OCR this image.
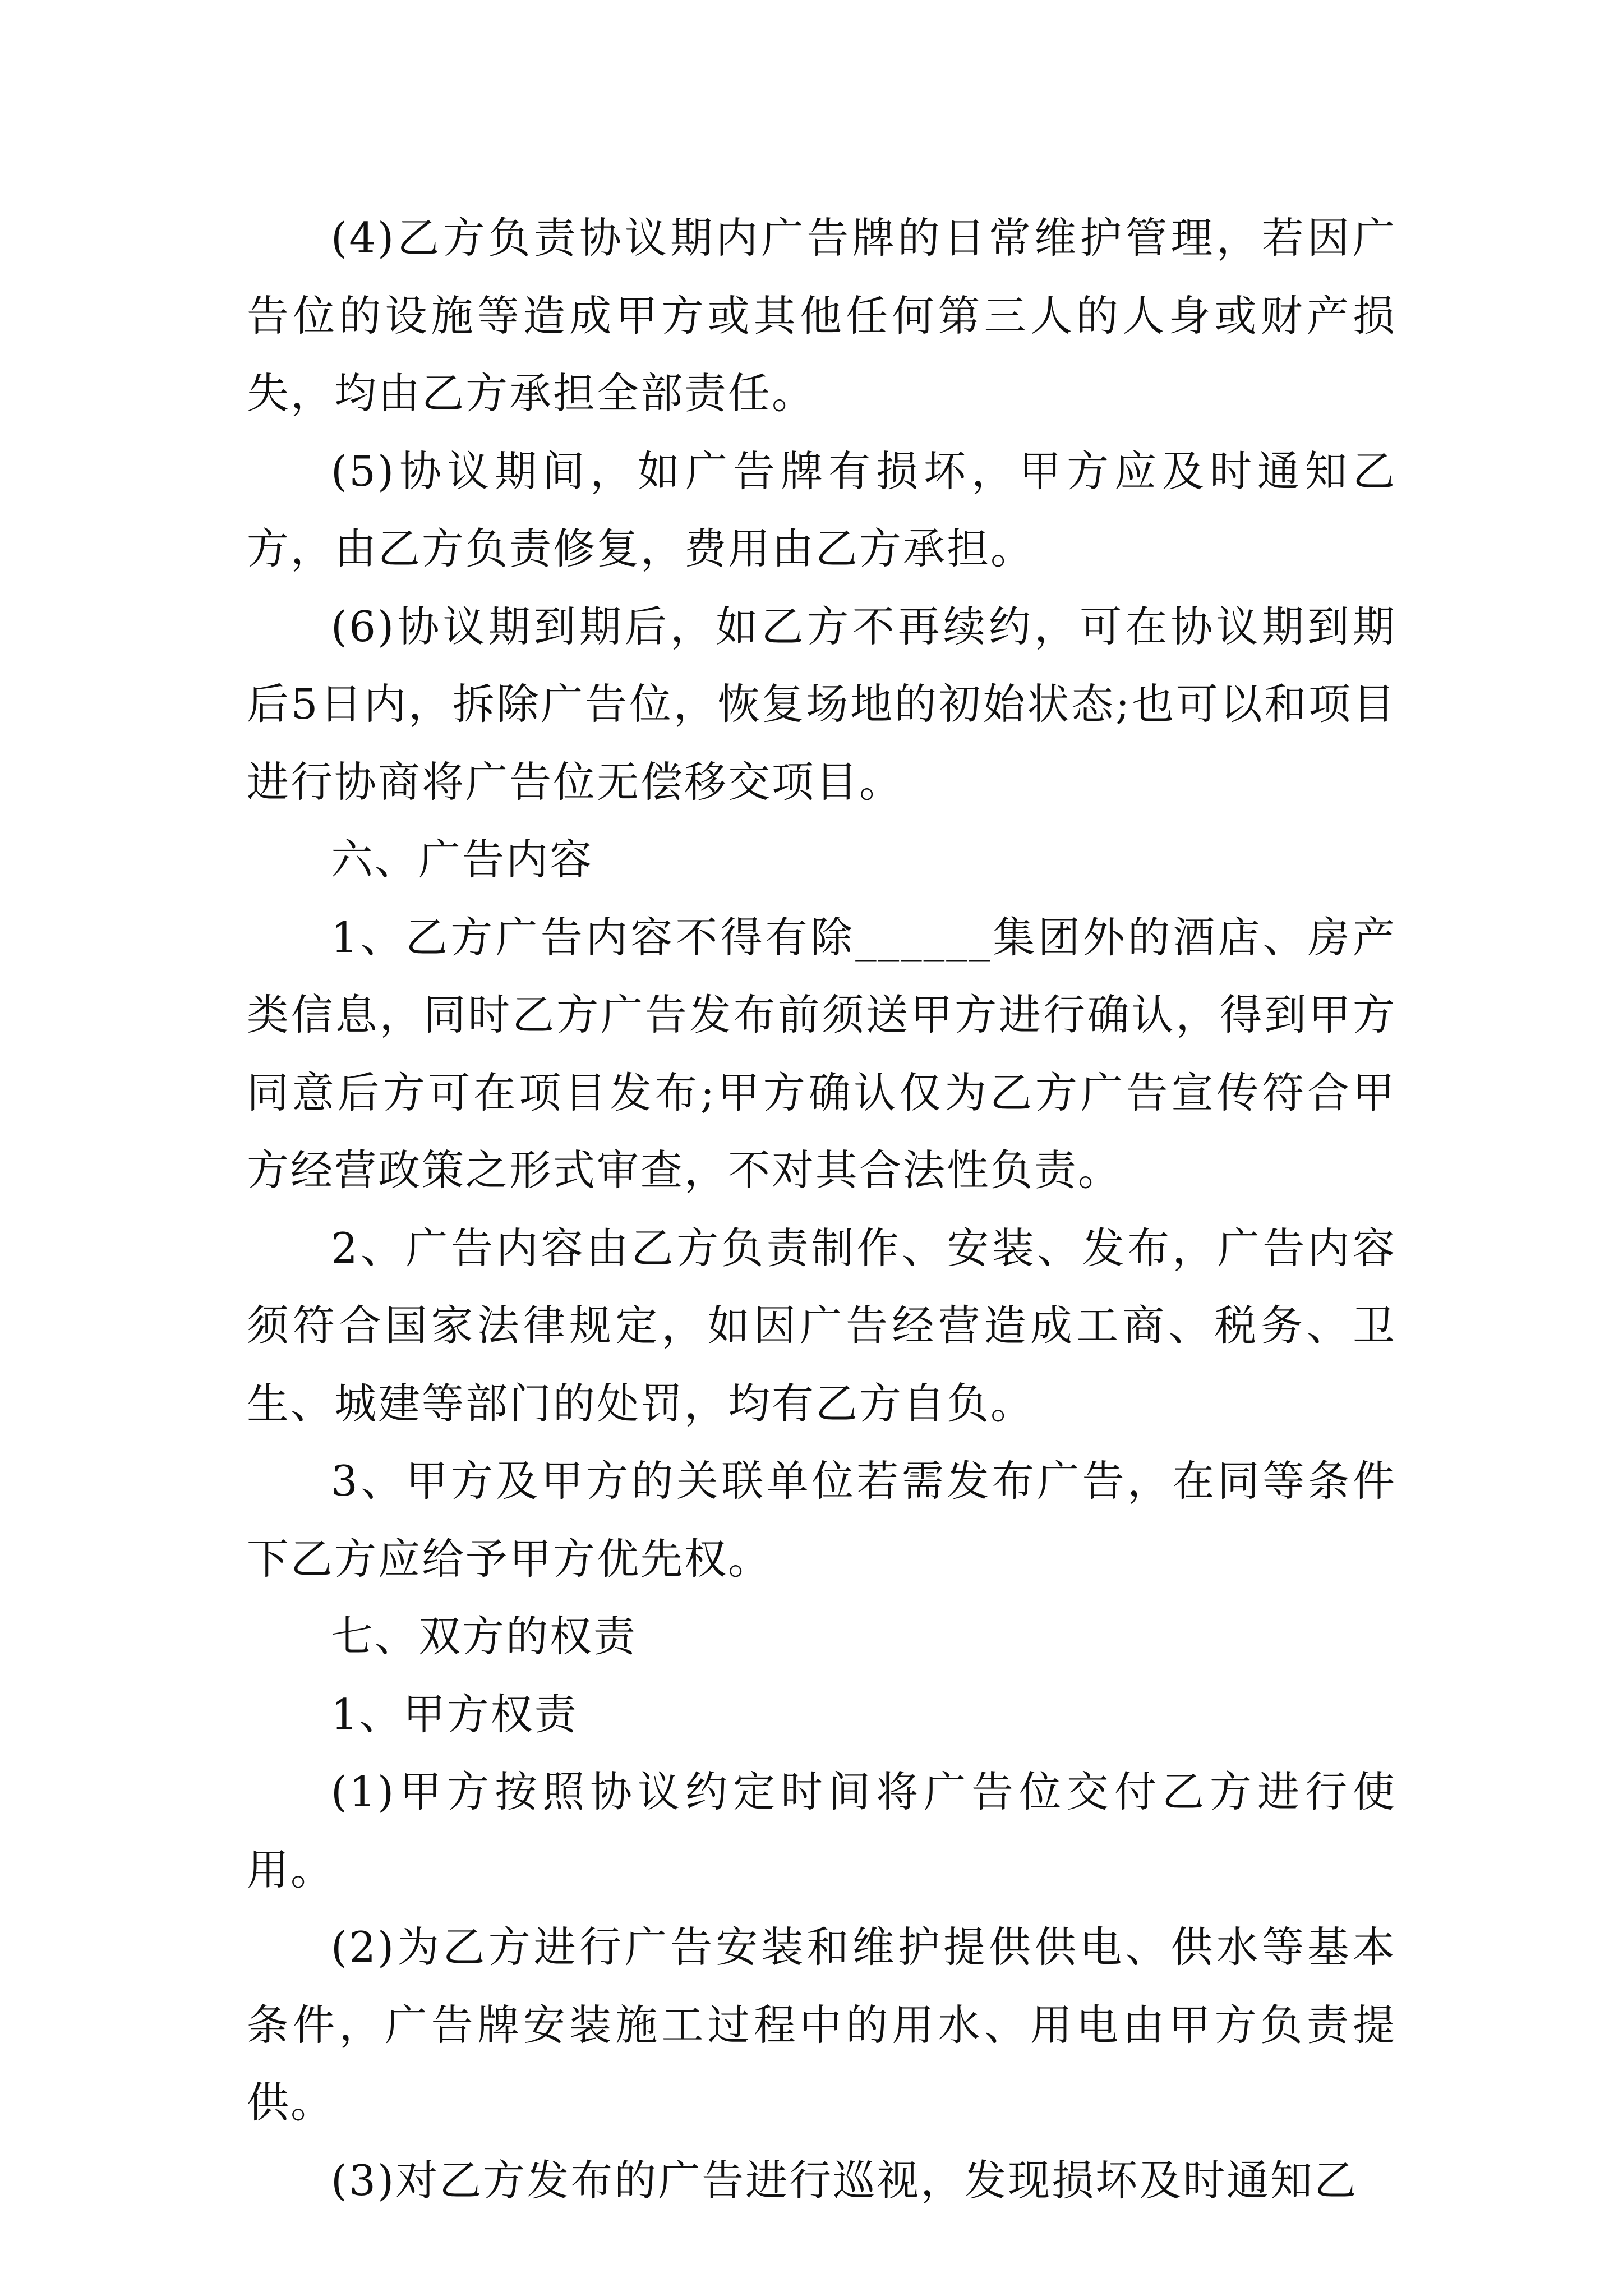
(4)乙方负责协议期内广告牌的日常维护管理，若因广告位的设施等造成甲方或其他任何第三人的人身或财产损失，均由乙方承担全部责任。

(5)协议期间，如广告牌有损坏，甲方应及时通知乙方，由乙方负责修复，费用由乙方承担。

(6)协议期到期后，如乙方不再续约，可在协议期到期后5日内，拆除广告位，恢复场地的初始状态;也可以和项目进行协商将广告位无偿移交项目。

六、广告内容

1、乙方广告内容不得有除______集团外的酒店、房产类信息，同时乙方广告发布前须送甲方进行确认，得到甲方同意后方可在项目发布;甲方确认仅为乙方广告宣传符合甲方经营政策之形式审查，不对其合法性负责。

2、广告内容由乙方负责制作、安装、发布，广告内容须符合国家法律规定，如因广告经营造成工商、税务、卫生、城建等部门的处罚，均有乙方自负。

3、甲方及甲方的关联单位若需发布广告，在同等条件下乙方应给予甲方优先权。

七、双方的权责

1、甲方权责

(1)甲方按照协议约定时间将广告位交付乙方进行使用。

(2)为乙方进行广告安装和维护提供供电、供水等基本条件，广告牌安装施工过程中的用水、用电由甲方负责提供。

(3)对乙方发布的广告进行巡视，发现损坏及时通知乙
